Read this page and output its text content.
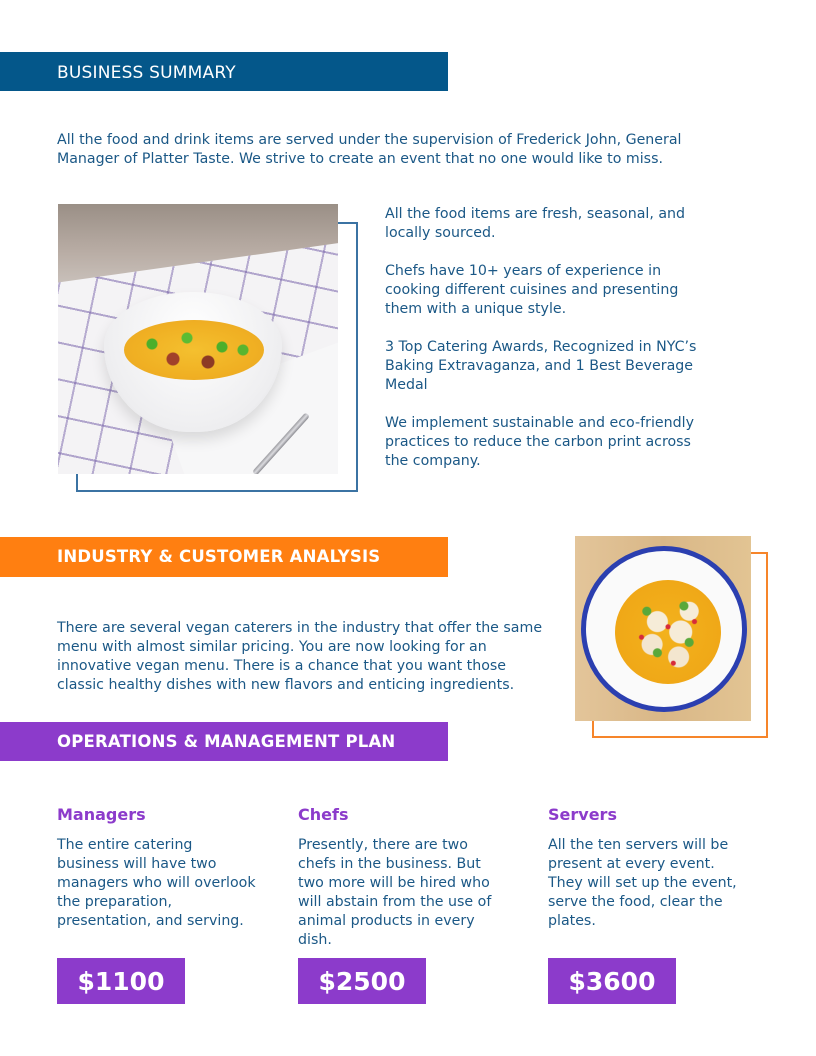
BUSINESS SUMMARY

All the food and drink items are served under the supervision of Frederick John, General Manager of Platter Taste. We strive to create an event that no one would like to miss.

All the food items are fresh, seasonal, and locally sourced.

Chefs have 10+ years of experience in cooking different cuisines and presenting them with a unique style.

3 Top Catering Awards, Recognized in NYC’s Baking Extravaganza, and 1 Best Beverage Medal

We implement sustainable and eco-friendly practices to reduce the carbon print across the company.

INDUSTRY & CUSTOMER ANALYSIS

There are several vegan caterers in the industry that offer the same menu with almost similar pricing. You are now looking for an innovative vegan menu. There is a chance that you want those classic healthy dishes with new flavors and enticing ingredients.

OPERATIONS & MANAGEMENT PLAN
Managers
The entire catering business will have two managers who will overlook the preparation, presentation, and serving.
$1100
Chefs
Presently, there are two chefs in the business. But two more will be hired who will abstain from the use of animal products in every dish.
$2500
Servers
All the ten servers will be present at every event. They will set up the event, serve the food, clear the plates.
$3600
